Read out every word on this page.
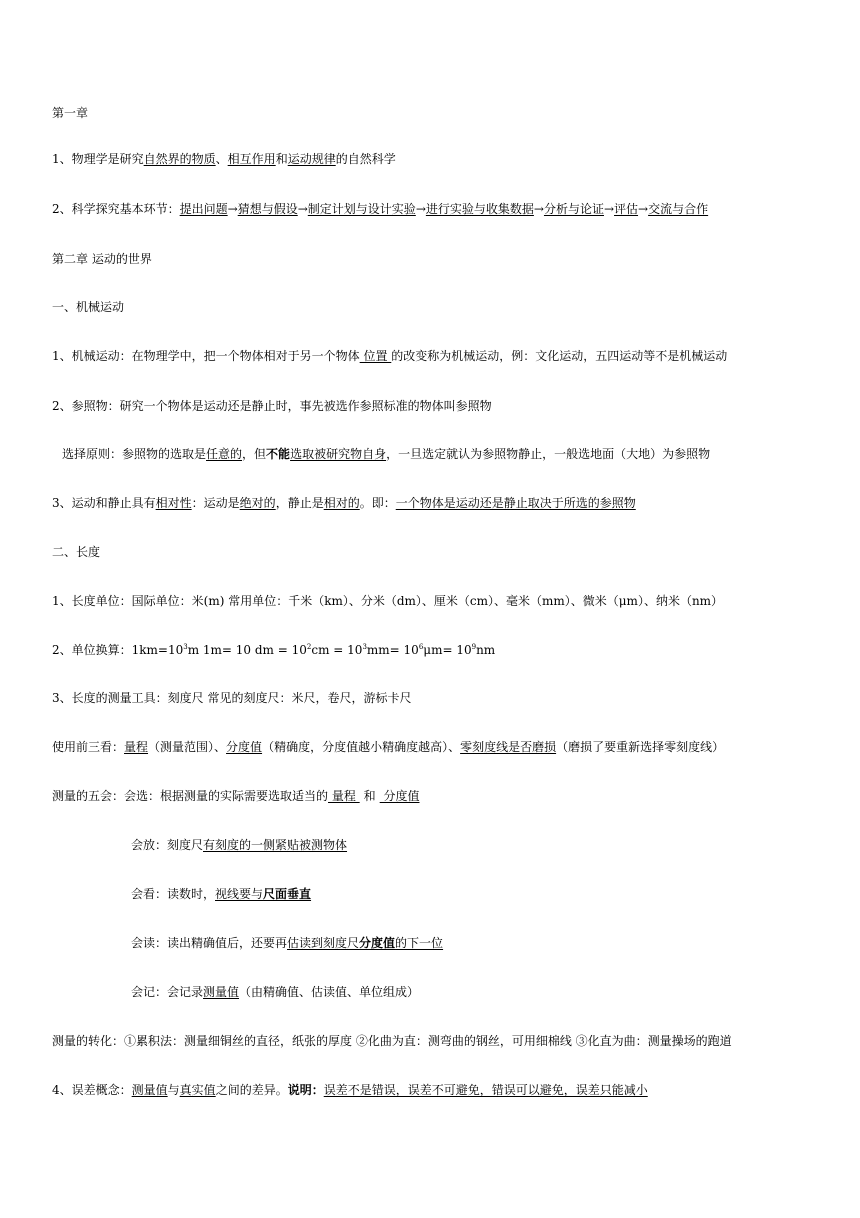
第一章
1、物理学是研究自然界的物质、相互作用和运动规律的自然科学
2、科学探究基本环节：提出问题→猜想与假设→制定计划与设计实验→进行实验与收集数据→分析与论证→评估→交流与合作
第二章 运动的世界
一、机械运动
1、机械运动：在物理学中，把一个物体相对于另一个物体 位置 的改变称为机械运动，例：文化运动，五四运动等不是机械运动
2、参照物：研究一个物体是运动还是静止时，事先被选作参照标准的物体叫参照物
选择原则：参照物的选取是任意的，但不能选取被研究物自身，一旦选定就认为参照物静止，一般选地面（大地）为参照物
3、运动和静止具有相对性：运动是绝对的，静止是相对的。即：一个物体是运动还是静止取决于所选的参照物
二、长度
1、长度单位：国际单位：米(m) 常用单位：千米（km）、分米（dm）、厘米（cm）、毫米（mm）、微米（μm）、纳米（nm）
2、单位换算：$1km=10^3m$ 1m= 10 dm = $10^2cm = 10^3mm= 10^6\mu m= 10^9nm$
3、长度的测量工具：刻度尺 常见的刻度尺：米尺，卷尺，游标卡尺
使用前三看：量程（测量范围）、分度值（精确度，分度值越小精确度越高）、零刻度线是否磨损（磨损了要重新选择零刻度线）
测量的五会：会选：根据测量的实际需要选取适当的 量程 和 分度值
会放：刻度尺有刻度的一侧紧贴被测物体
会看：读数时，视线要与尺面垂直
会读：读出精确值后，还要再估读到刻度尺分度值的下一位
会记：会记录测量值（由精确值、估读值、单位组成）
测量的转化：①累积法：测量细铜丝的直径，纸张的厚度 ②化曲为直：测弯曲的钢丝，可用细棉线 ③化直为曲：测量操场的跑道
4、误差概念：测量值与真实值之间的差异。说明：误差不是错误，误差不可避免，错误可以避免，误差只能减小
